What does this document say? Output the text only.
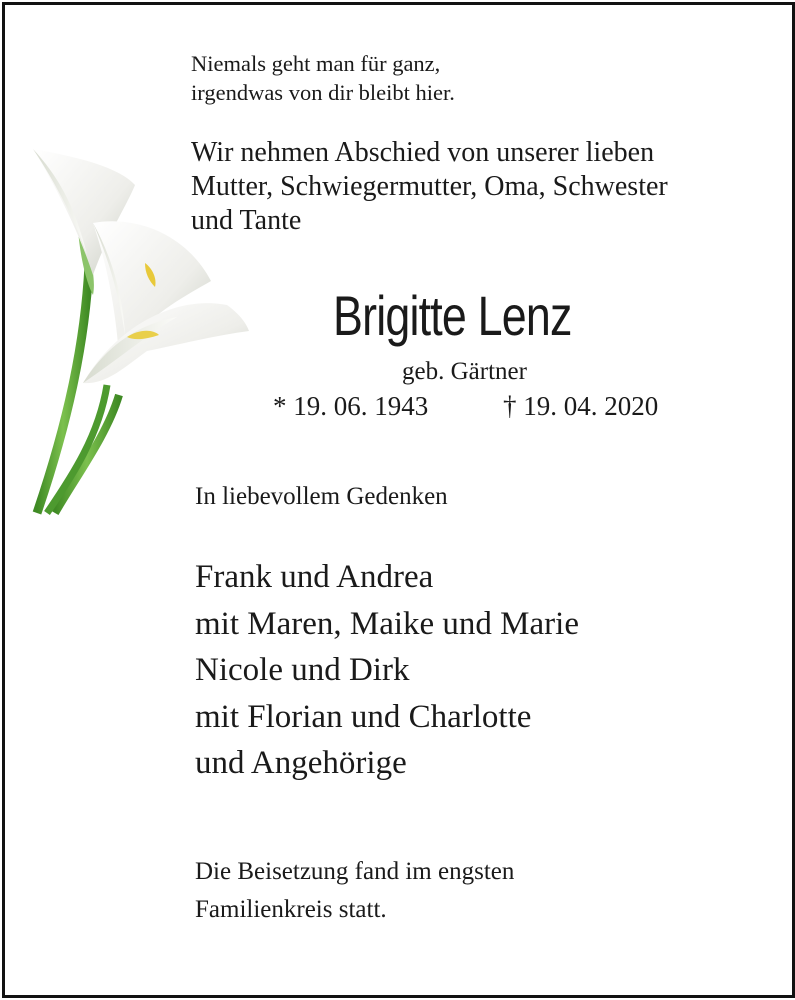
Niemals geht man für ganz,
irgendwas von dir bleibt hier.

Wir nehmen Abschied von unserer lieben
Mutter, Schwiegermutter, Oma, Schwester
und Tante

Brigitte Lenz
geb. Gärtner
* 19. 06. 1943	† 19. 04. 2020
In liebevollem Gedenken
Frank und Andrea
mit Maren, Maike und Marie
Nicole und Dirk
mit Florian und Charlotte
und Angehörige

Die Beisetzung fand im engsten
Familienkreis statt.
